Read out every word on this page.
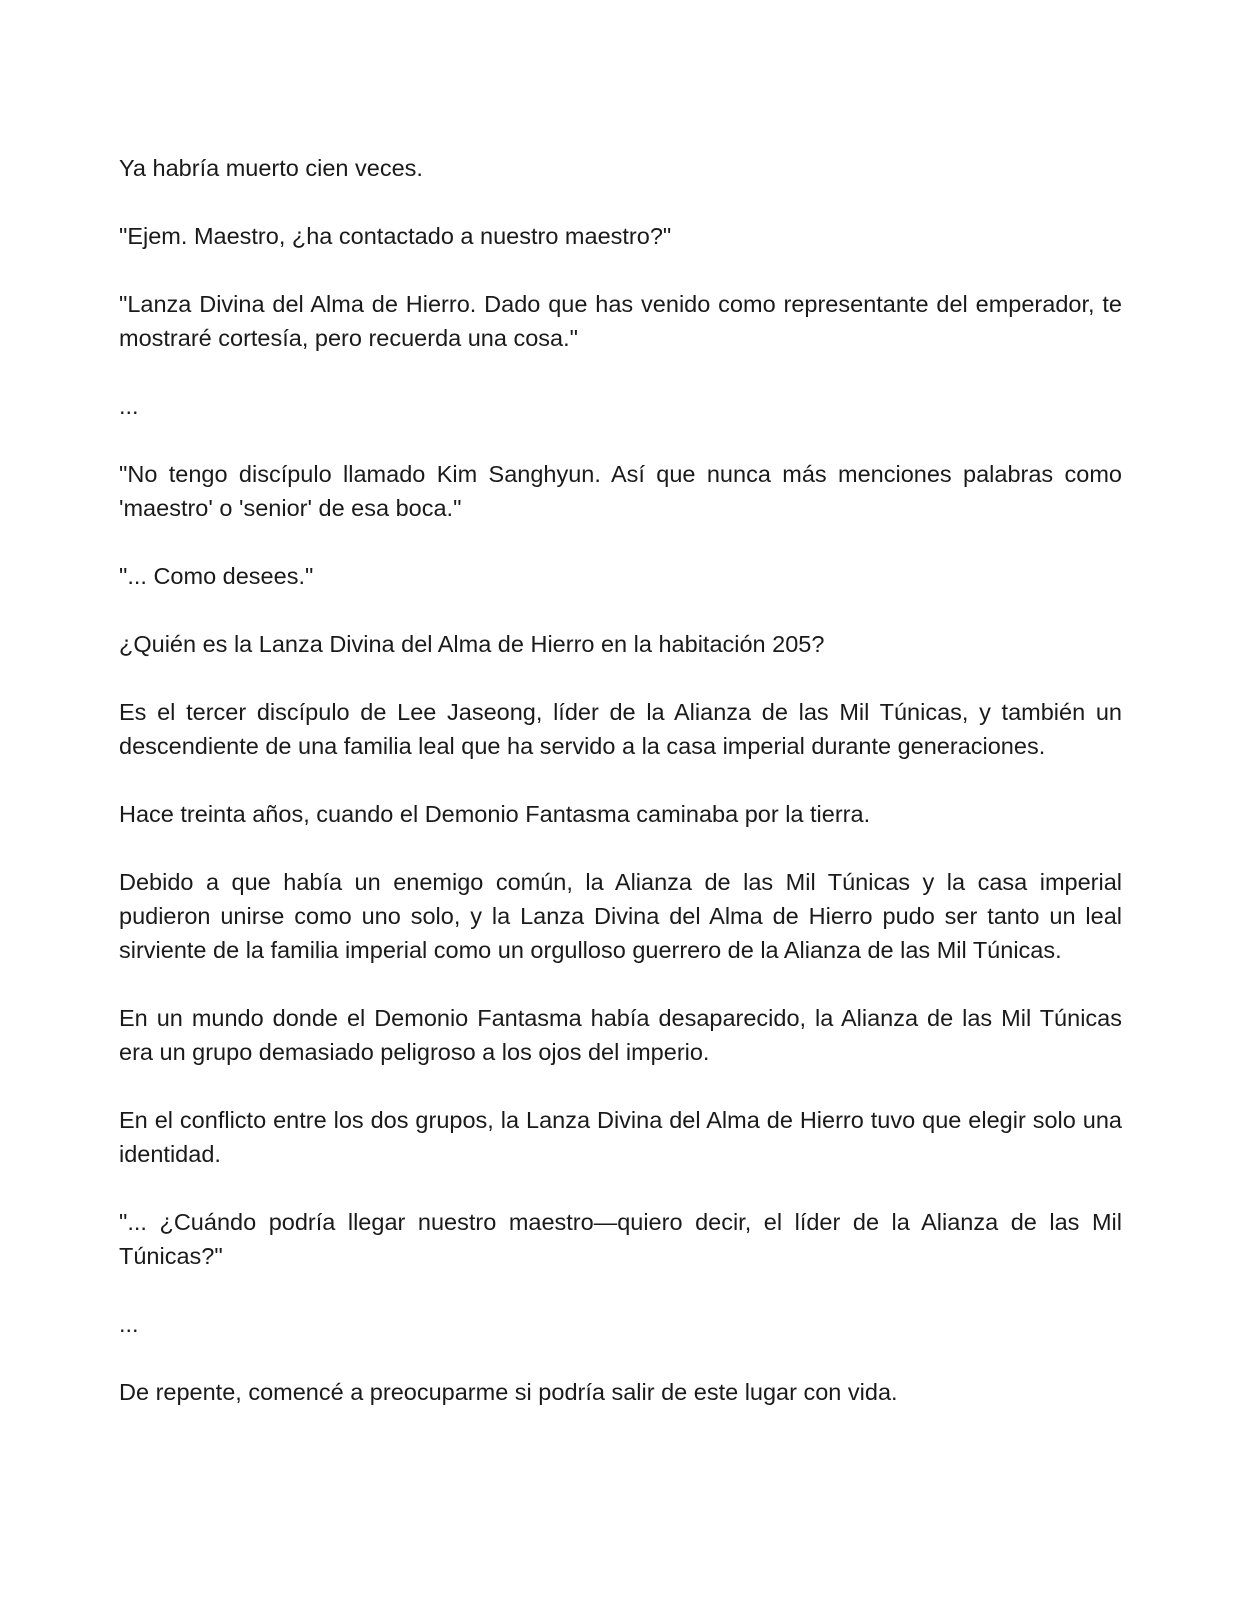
Ya habría muerto cien veces.

"Ejem. Maestro, ¿ha contactado a nuestro maestro?"

"Lanza Divina del Alma de Hierro. Dado que has venido como representante del emperador, te mostraré cortesía, pero recuerda una cosa."

...

"No tengo discípulo llamado Kim Sanghyun. Así que nunca más menciones palabras como 'maestro' o 'senior' de esa boca."

"... Como desees."

¿Quién es la Lanza Divina del Alma de Hierro en la habitación 205?

Es el tercer discípulo de Lee Jaseong, líder de la Alianza de las Mil Túnicas, y también un descendiente de una familia leal que ha servido a la casa imperial durante generaciones.

Hace treinta años, cuando el Demonio Fantasma caminaba por la tierra.

Debido a que había un enemigo común, la Alianza de las Mil Túnicas y la casa imperial pudieron unirse como uno solo, y la Lanza Divina del Alma de Hierro pudo ser tanto un leal sirviente de la familia imperial como un orgulloso guerrero de la Alianza de las Mil Túnicas.

En un mundo donde el Demonio Fantasma había desaparecido, la Alianza de las Mil Túnicas era un grupo demasiado peligroso a los ojos del imperio.

En el conflicto entre los dos grupos, la Lanza Divina del Alma de Hierro tuvo que elegir solo una identidad.

"... ¿Cuándo podría llegar nuestro maestro—quiero decir, el líder de la Alianza de las Mil Túnicas?"

...

De repente, comencé a preocuparme si podría salir de este lugar con vida.
